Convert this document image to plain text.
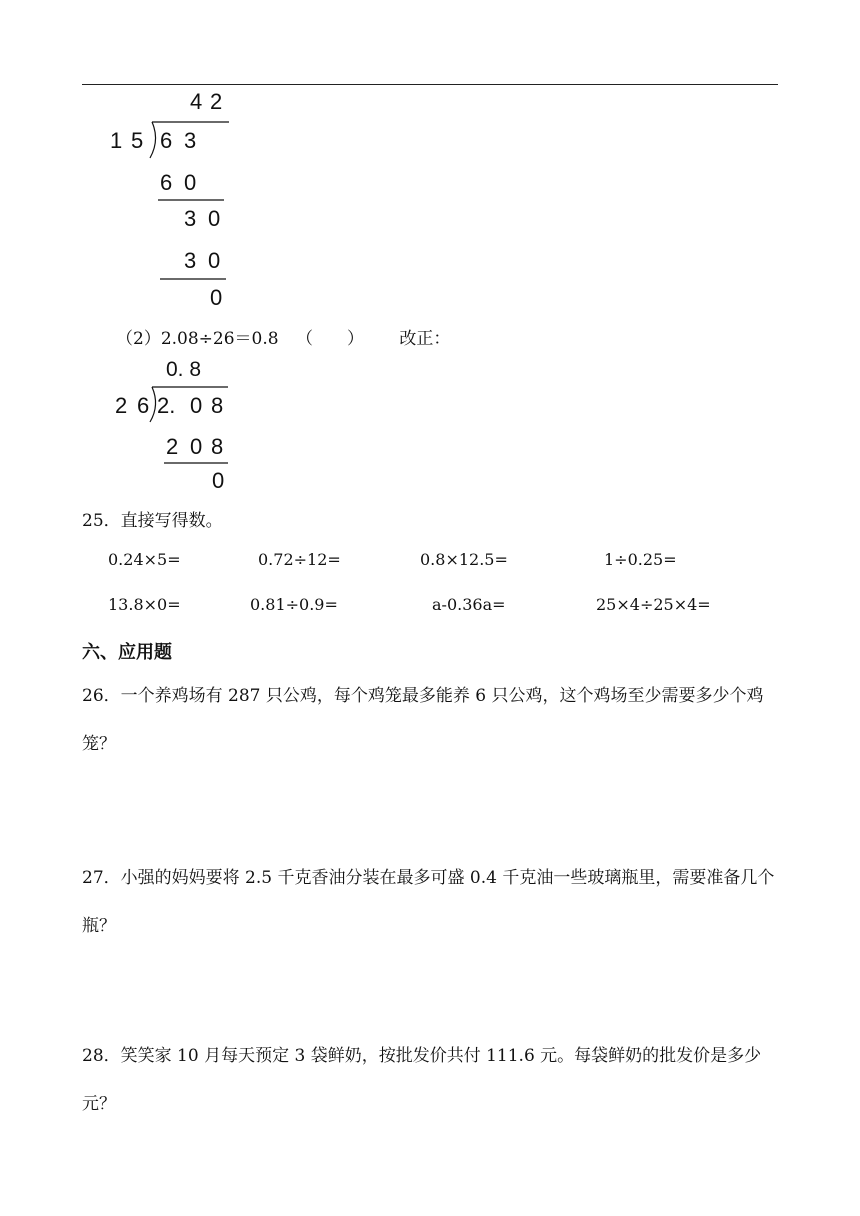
4 2
1 5 6 3
6 0
3 0
3 0
0
（2）2.08÷26＝0.8 （　　） 改正：
0. 8
2 6 2. 0 8
2 0 8
0
25．直接写得数。
0.24×5=	0.72÷12=	0.8×12.5=	1÷0.25=
13.8×0=	0.81÷0.9=	a-0.36a=	25×4÷25×4=
六、应用题
26．一个养鸡场有 287 只公鸡，每个鸡笼最多能养 6 只公鸡，这个鸡场至少需要多少个鸡笼？
27．小强的妈妈要将 2.5 千克香油分装在最多可盛 0.4 千克油一些玻璃瓶里，需要准备几个瓶？
28．笑笑家 10 月每天预定 3 袋鲜奶，按批发价共付 111.6 元。每袋鲜奶的批发价是多少元？
